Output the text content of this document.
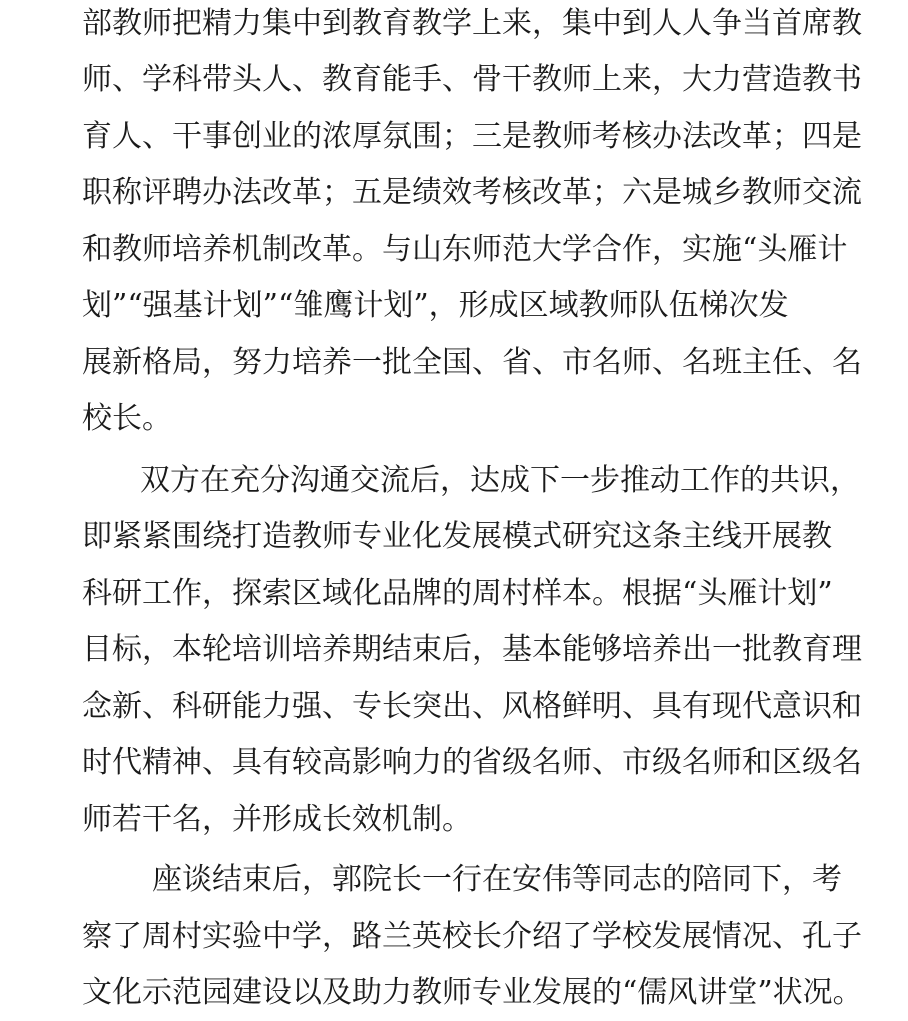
部教师把精力集中到教育教学上来，集中到人人争当首席教
师、学科带头人、教育能手、骨干教师上来，大力营造教书
育人、干事创业的浓厚氛围；三是教师考核办法改革；四是
职称评聘办法改革；五是绩效考核改革；六是城乡教师交流
和教师培养机制改革。与山东师范大学合作，实施“头雁计
划”“强基计划”“雏鹰计划”，形成区域教师队伍梯次发
展新格局，努力培养一批全国、省、市名师、名班主任、名
校长。
双方在充分沟通交流后，达成下一步推动工作的共识，
即紧紧围绕打造教师专业化发展模式研究这条主线开展教
科研工作，探索区域化品牌的周村样本。根据“头雁计划”
目标，本轮培训培养期结束后，基本能够培养出一批教育理
念新、科研能力强、专长突出、风格鲜明、具有现代意识和
时代精神、具有较高影响力的省级名师、市级名师和区级名
师若干名，并形成长效机制。
座谈结束后，郭院长一行在安伟等同志的陪同下，考
察了周村实验中学，路兰英校长介绍了学校发展情况、孔子
文化示范园建设以及助力教师专业发展的“儒风讲堂”状况。
